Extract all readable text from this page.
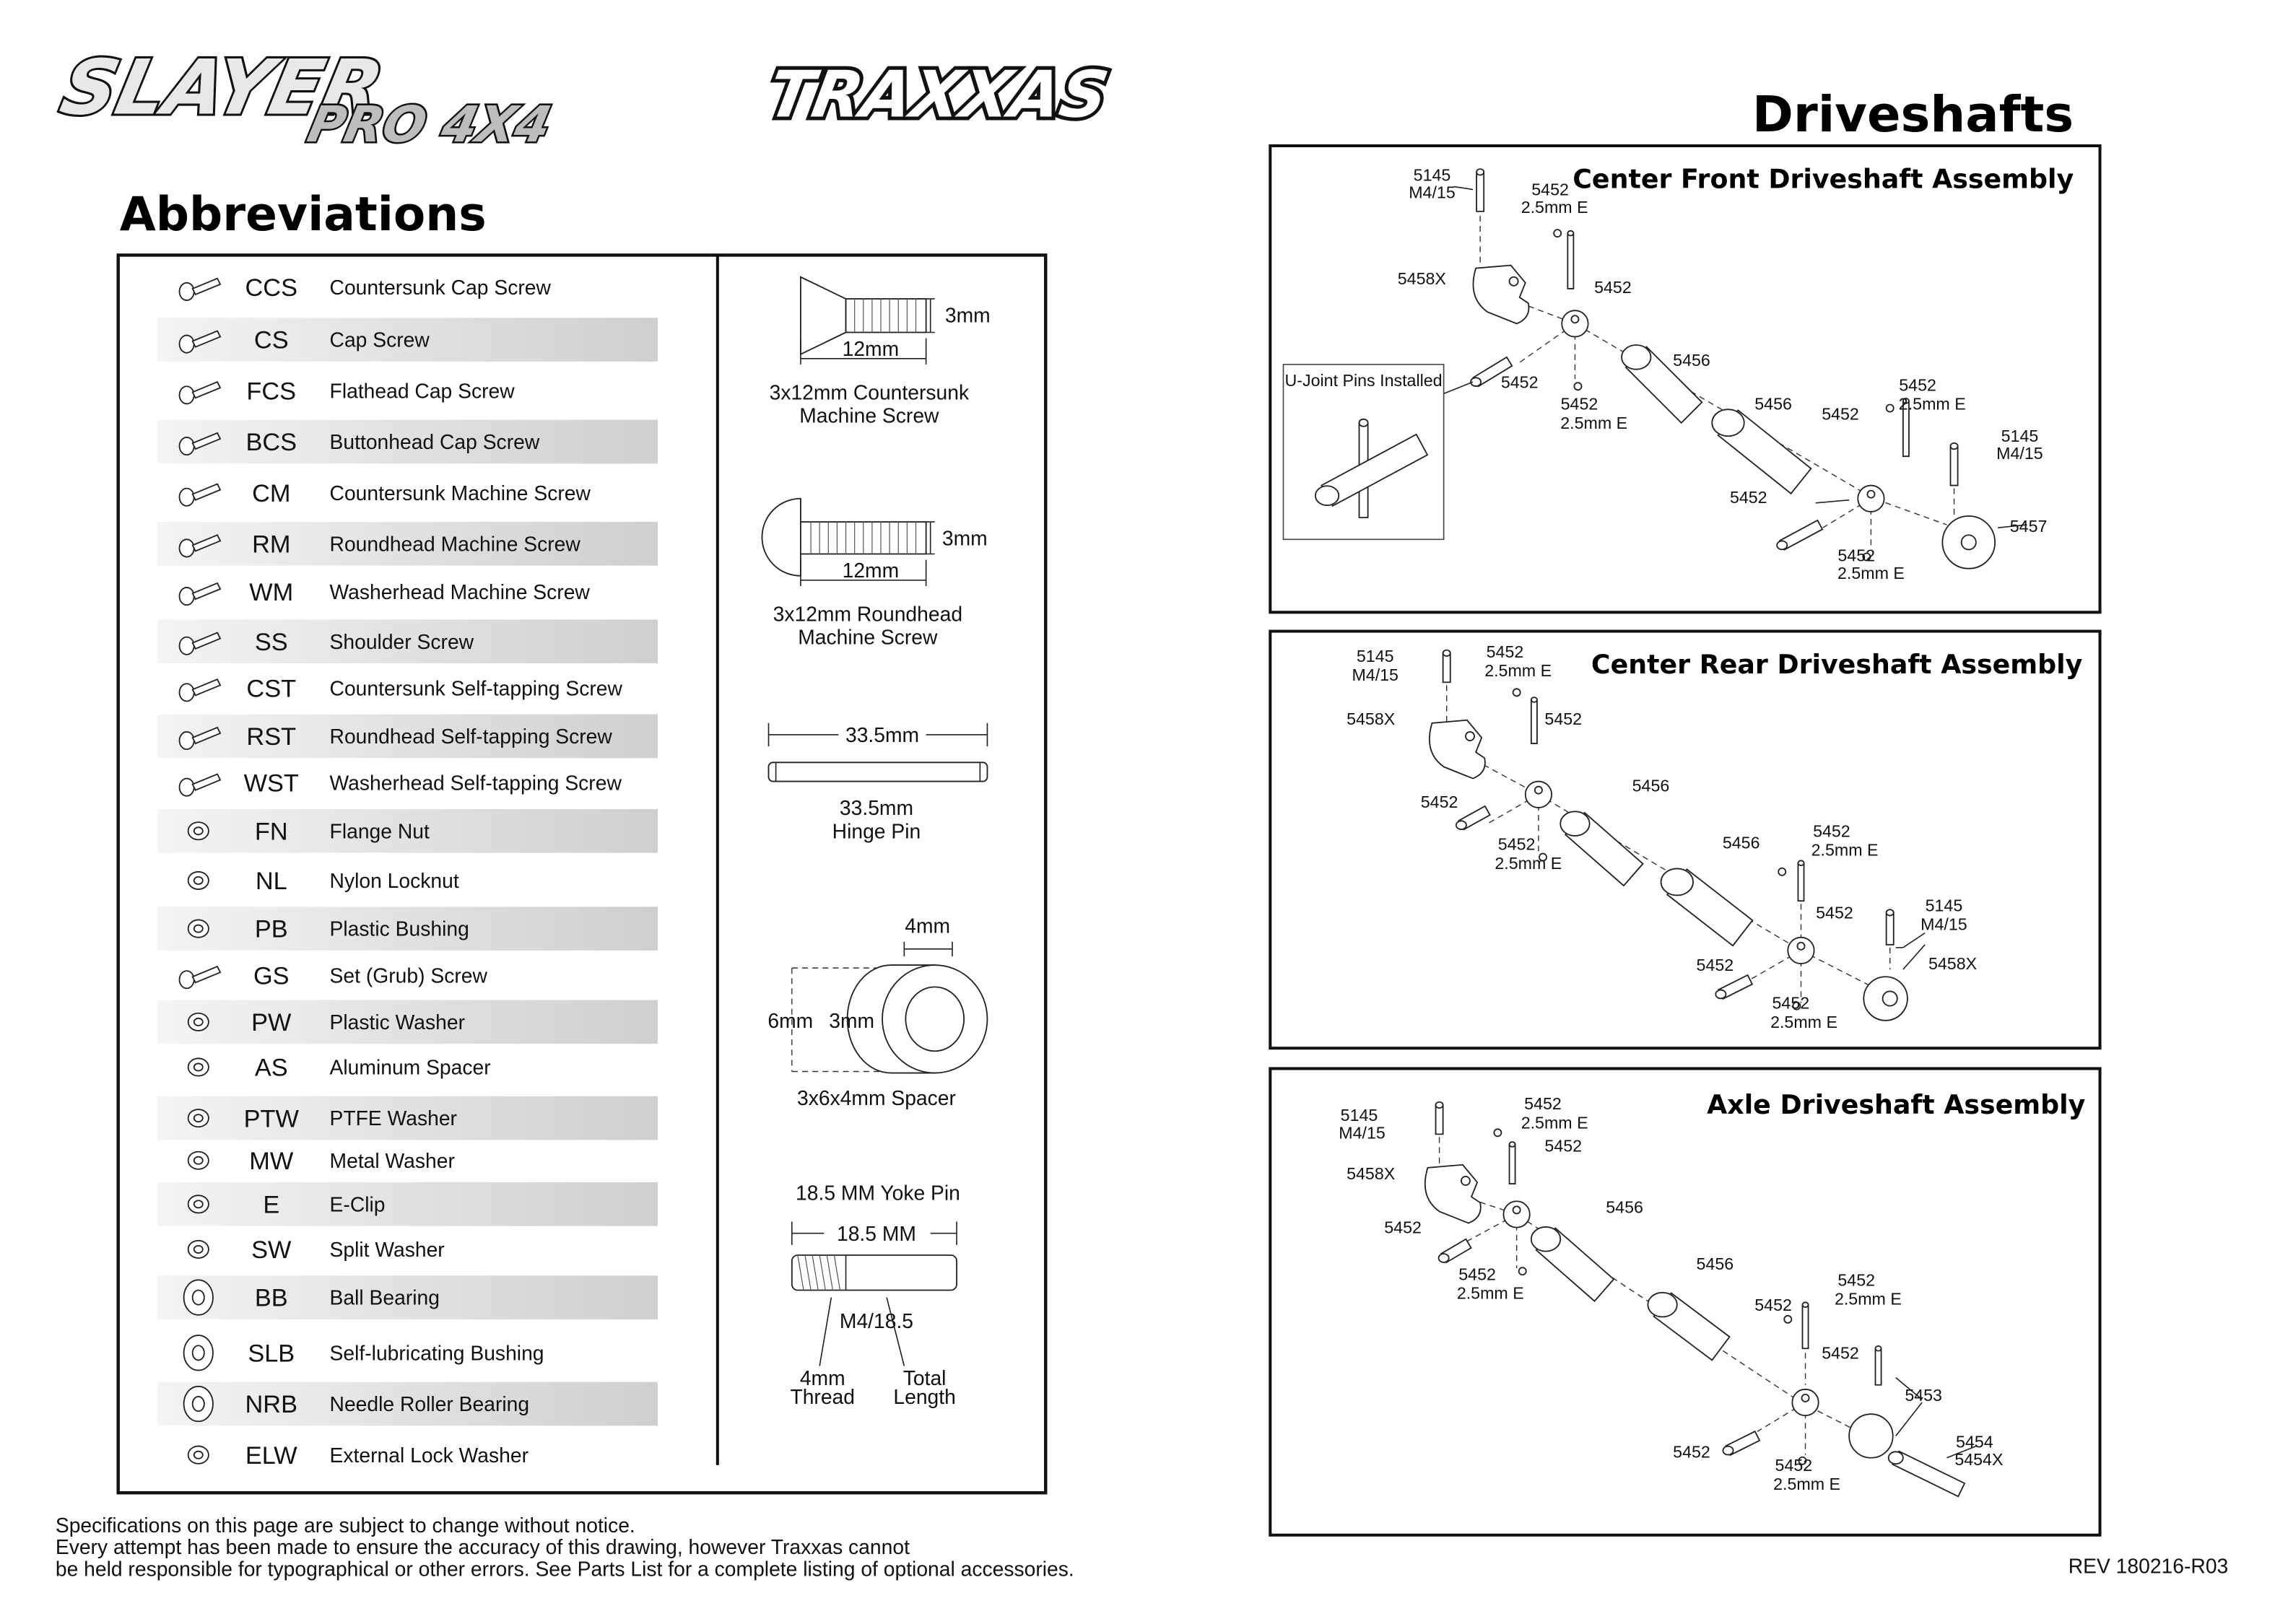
SLAYER
PRO 4X4	TRAXXAS	Driveshafts
Abbreviations
CCS	Countersunk Cap Screw
CS	Cap Screw
FCS	Flathead Cap Screw
BCS	Buttonhead Cap Screw
CM	Countersunk Machine Screw
RM	Roundhead Machine Screw
WM	Washerhead Machine Screw
SS	Shoulder Screw
CST	Countersunk Self-tapping Screw
RST	Roundhead Self-tapping Screw
WST	Washerhead Self-tapping Screw
FN	Flange Nut
NL	Nylon Locknut
PB	Plastic Bushing
GS	Set (Grub) Screw
PW	Plastic Washer
AS	Aluminum Spacer
PTW	PTFE Washer
MW	Metal Washer
E	E-Clip
SW	Split Washer
BB	Ball Bearing
SLB	Self-lubricating Bushing
NRB	Needle Roller Bearing
ELW	External Lock Washer
3mm
12mm
3x12mm Countersunk
Machine Screw
3mm
12mm
3x12mm Roundhead
Machine Screw
33.5mm
33.5mm
Hinge Pin
4mm
6mm 3mm
3x6x4mm Spacer
18.5 MM Yoke Pin
18.5 MM
M4/18.5
4mm
Thread
Total
Length
Center Front Driveshaft Assembly
U-Joint Pins Installed
5145
M4/15	5452
2.5mm E
5458X	5452
5452
5452
2.5mm E
5456
5456
5452
5452
2.5mm E
5145
M4/15
5452
5457
5452
2.5mm E
Center Rear Driveshaft Assembly
5145
M4/15
5452
2.5mm E
5458X	5452
5456
5452
5452
2.5mm E
5456
5452
2.5mm E
5452	5145
M4/15
5458X
5452
5452
2.5mm E
Axle Driveshaft Assembly
5145
M4/15
5452
2.5mm E
5452
5458X
5456
5452
5452
2.5mm E
5456
5452
2.5mm E
5452
5452
5453
5454
5454X
5452
5452
2.5mm E
Specifications on this page are subject to change without notice.
Every attempt has been made to ensure the accuracy of this drawing, however Traxxas cannot
be held responsible for typographical or other errors. See Parts List for a complete listing of optional accessories.	REV 180216-R03
